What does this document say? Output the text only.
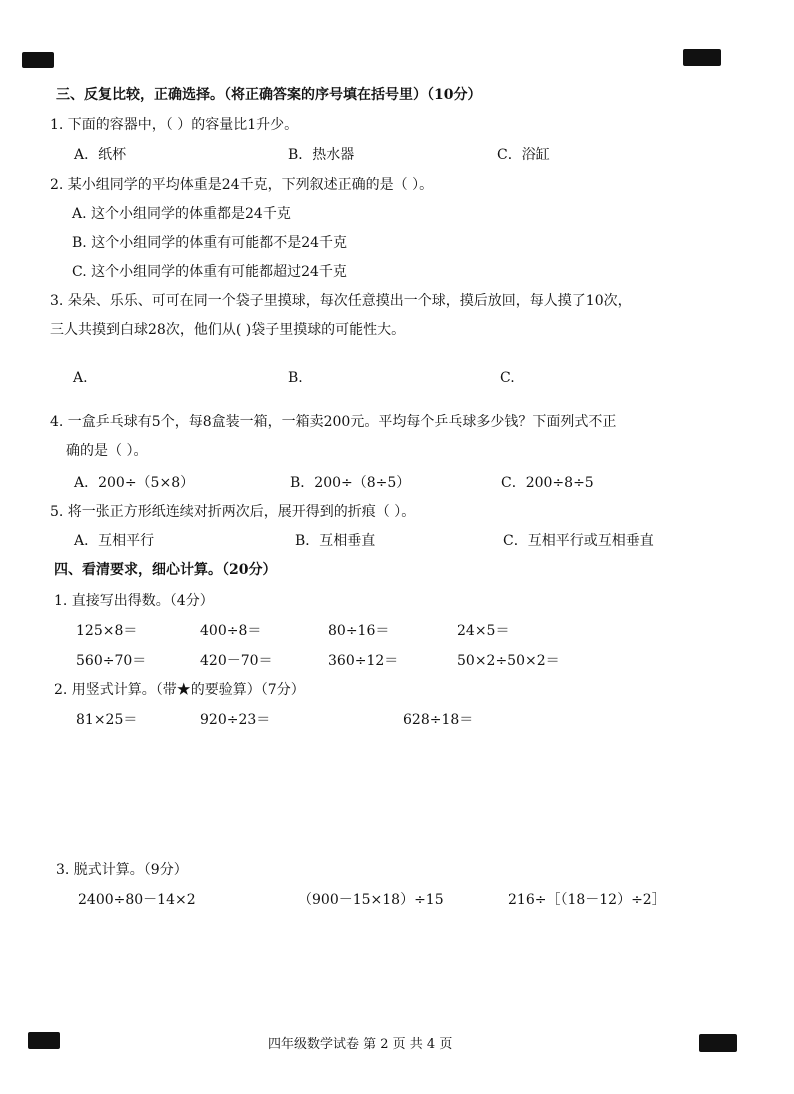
三、反复比较，正确选择。（将正确答案的序号填在括号里）（10分）
1. 下面的容器中，（ ）的容量比1升少。
A．纸杯	B．热水器	C．浴缸
2. 某小组同学的平均体重是24千克，下列叙述正确的是（ ）。
A. 这个小组同学的体重都是24千克
B. 这个小组同学的体重有可能都不是24千克
C. 这个小组同学的体重有可能都超过24千克
3. 朵朵、乐乐、可可在同一个袋子里摸球，每次任意摸出一个球，摸后放回，每人摸了10次，
三人共摸到白球28次，他们从( )袋子里摸球的可能性大。
A.	B.	C.
4. 一盒乒乓球有5个，每8盒装一箱，一箱卖200元。平均每个乒乓球多少钱？下面列式不正
确的是（ ）。
A．200÷（5×8）	B．200÷（8÷5）	C．200÷8÷5
5. 将一张正方形纸连续对折两次后，展开得到的折痕（ ）。
A．互相平行	B．互相垂直	C．互相平行或互相垂直
四、看清要求，细心计算。（20分）
1. 直接写出得数。（4分）
125×8＝	400÷8＝	80÷16＝	24×5＝
560÷70＝	420－70＝	360÷12＝	50×2÷50×2＝
2. 用竖式计算。（带★的要验算）（7分）
81×25＝	920÷23＝	628÷18＝
3. 脱式计算。（9分）
2400÷80－14×2	（900－15×18）÷15	216÷［（18－12）÷2］
四年级数学试卷 第 2 页 共 4 页
